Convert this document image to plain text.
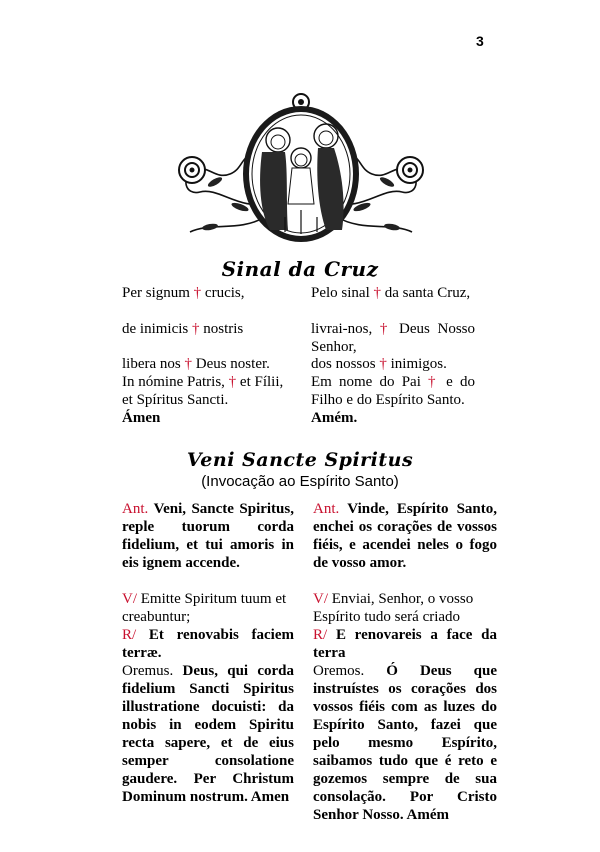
3
Sinal da Cruz
Per signum † crucis,
de inimicis † nostris
libera nos † Deus noster.
In nómine Patris, † et Fílii, et Spíritus Sancti.
Ámen
Pelo sinal † da santa Cruz,
livrai-nos, † Deus Nosso Senhor,
dos nossos † inimigos.
Em nome do Pai † e do Filho e do Espírito Santo.
Amém.
Veni Sancte Spiritus
(Invocação ao Espírito Santo)
Ant. Veni, Sancte Spiritus, reple tuorum corda fidelium, et tui amoris in eis ignem accende.
V/ Emitte Spiritum tuum et creabuntur;
R/ Et renovabis faciem terræ.
Oremus. Deus, qui corda fidelium Sancti Spiritus illustratione docuisti: da nobis in eodem Spiritu recta sapere, et de eius semper consolatione gaudere. Per Christum Dominum nostrum. Amen
Ant. Vinde, Espírito Santo, enchei os corações de vossos fiéis, e acendei neles o fogo de vosso amor.
V/ Enviai, Senhor, o vosso Espírito tudo será criado
R/ E renovareis a face da terra
Oremos. Ó Deus que instruístes os corações dos vossos fiéis com as luzes do Espírito Santo, fazei que pelo mesmo Espírito, saibamos tudo que é reto e gozemos sempre de sua consolação. Por Cristo Senhor Nosso. Amém
